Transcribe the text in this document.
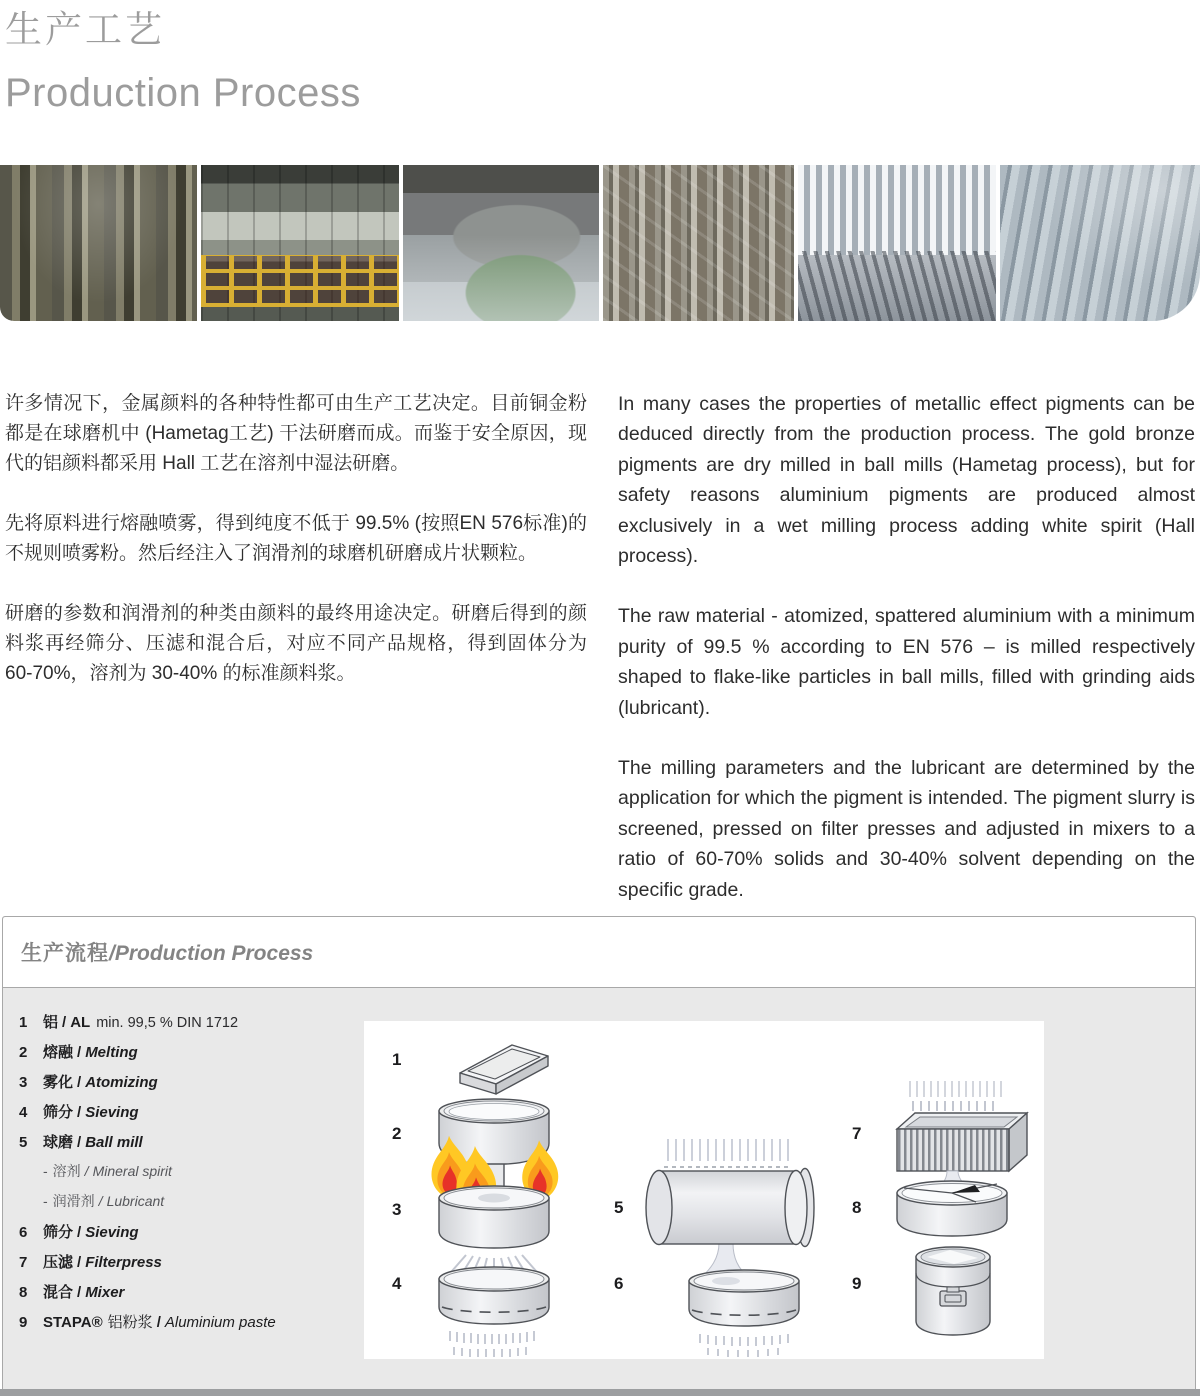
生产工艺
Production Process

许多情况下，金属颜料的各种特性都可由生产工艺决定。目前铜金粉都是在球磨机中 (Hametag工艺) 干法研磨而成。而鉴于安全原因，现代的铝颜料都采用 Hall 工艺在溶剂中湿法研磨。

先将原料进行熔融喷雾，得到纯度不低于 99.5% (按照EN 576标准)的不规则喷雾粉。然后经注入了润滑剂的球磨机研磨成片状颗粒。

研磨的参数和润滑剂的种类由颜料的最终用途决定。研磨后得到的颜料浆再经筛分、压滤和混合后，对应不同产品规格，得到固体分为 60-70%，溶剂为 30-40% 的标准颜料浆。

In many cases the properties of metallic effect pigments can be deduced directly from the production process. The gold bronze pigments are dry milled in ball mills (Hametag process), but for safety reasons aluminium pigments are produced almost exclusively in a wet milling process adding white spirit (Hall process).

The raw material - atomized, spattered aluminium with a minimum purity of 99.5 % according to EN 576 – is milled respectively shaped to flake-like particles in ball mills, filled with grinding aids (lubricant).

The milling parameters and the lubricant are determined by the application for which the pigment is intended. The pigment slurry is screened, pressed on filter presses and adjusted in mixers to a ratio of 60-70% solids and 30-40% solvent depending on the specific grade.

生产流程/Production Process
1	铝 / AL min. 99,5 % DIN 1712
2	熔融 / Melting
3	雾化 / Atomizing
4	筛分 / Sieving
5	球磨 / Ball mill
- 溶剂 / Mineral spirit
- 润滑剂 / Lubricant
6	筛分 / Sieving
7	压滤 / Filterpress
8	混合 / Mixer
9	STAPA® 铝粉浆 / Aluminium paste
1
2
3
4
5
6
7
8
9
